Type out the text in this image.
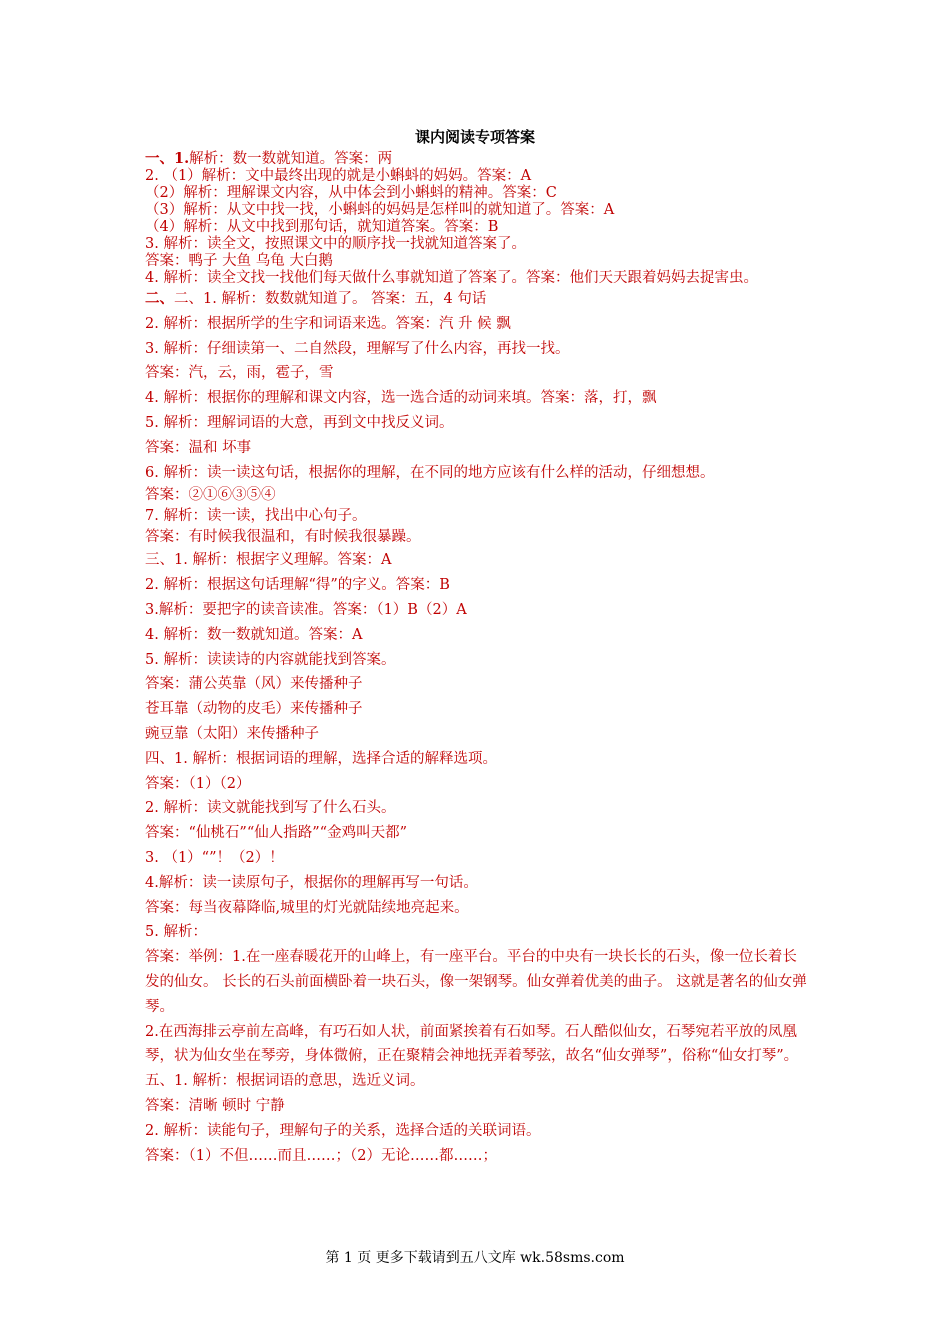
课内阅读专项答案
一、1.解析：数一数就知道。答案：两
2. （1）解析：文中最终出现的就是小蝌蚪的妈妈。答案：A
（2）解析：理解课文内容，从中体会到小蝌蚪的精神。答案：C
（3）解析：从文中找一找，小蝌蚪的妈妈是怎样叫的就知道了。答案：A
（4）解析：从文中找到那句话，就知道答案。答案：B
3. 解析：读全文，按照课文中的顺序找一找就知道答案了。
答案：鸭子 大鱼 乌龟 大白鹅
4. 解析：读全文找一找他们每天做什么事就知道了答案了。答案：他们天天跟着妈妈去捉害虫。
二、二、1. 解析：数数就知道了。 答案：五，4 句话
2. 解析：根据所学的生字和词语来选。答案：汽 升 候 飘
3. 解析：仔细读第一、二自然段，理解写了什么内容，再找一找。
答案：汽，云，雨，雹子，雪
4. 解析：根据你的理解和课文内容，选一选合适的动词来填。答案：落，打，飘
5. 解析：理解词语的大意，再到文中找反义词。
答案：温和 坏事
6. 解析：读一读这句话，根据你的理解，在不同的地方应该有什么样的活动，仔细想想。
答案：②①⑥③⑤④
7. 解析：读一读，找出中心句子。
答案：有时候我很温和，有时候我很暴躁。
三、1. 解析：根据字义理解。答案：A
2. 解析：根据这句话理解“得”的字义。答案：B
3.解析：要把字的读音读准。答案：（1）B（2）A
4. 解析：数一数就知道。答案：A
5. 解析：读读诗的内容就能找到答案。
答案：蒲公英靠（风）来传播种子
苍耳靠（动物的皮毛）来传播种子
豌豆靠（太阳）来传播种子
四、1. 解析：根据词语的理解，选择合适的解释选项。
答案：（1）（2）
2. 解析：读文就能找到写了什么石头。
答案：“仙桃石”“仙人指路”“金鸡叫天都”
3. （1）“”！（2）！
4.解析：读一读原句子，根据你的理解再写一句话。
答案：每当夜幕降临,城里的灯光就陆续地亮起来。
5. 解析：
答案：举例：1.在一座春暖花开的山峰上，有一座平台。平台的中央有一块长长的石头，像一位长着长发的仙女。 长长的石头前面横卧着一块石头，像一架钢琴。仙女弹着优美的曲子。 这就是著名的仙女弹琴。
2.在西海排云亭前左高峰，有巧石如人状，前面紧挨着有石如琴。石人酷似仙女，石琴宛若平放的凤凰琴，状为仙女坐在琴旁，身体微俯，正在聚精会神地抚弄着琴弦，故名“仙女弹琴”，俗称“仙女打琴”。
五、1. 解析：根据词语的意思，选近义词。
答案：清晰 顿时 宁静
2. 解析：读能句子，理解句子的关系，选择合适的关联词语。
答案：（1）不但……而且……；（2）无论……都……；
第 1 页 更多下载请到五八文库 wk.58sms.com
